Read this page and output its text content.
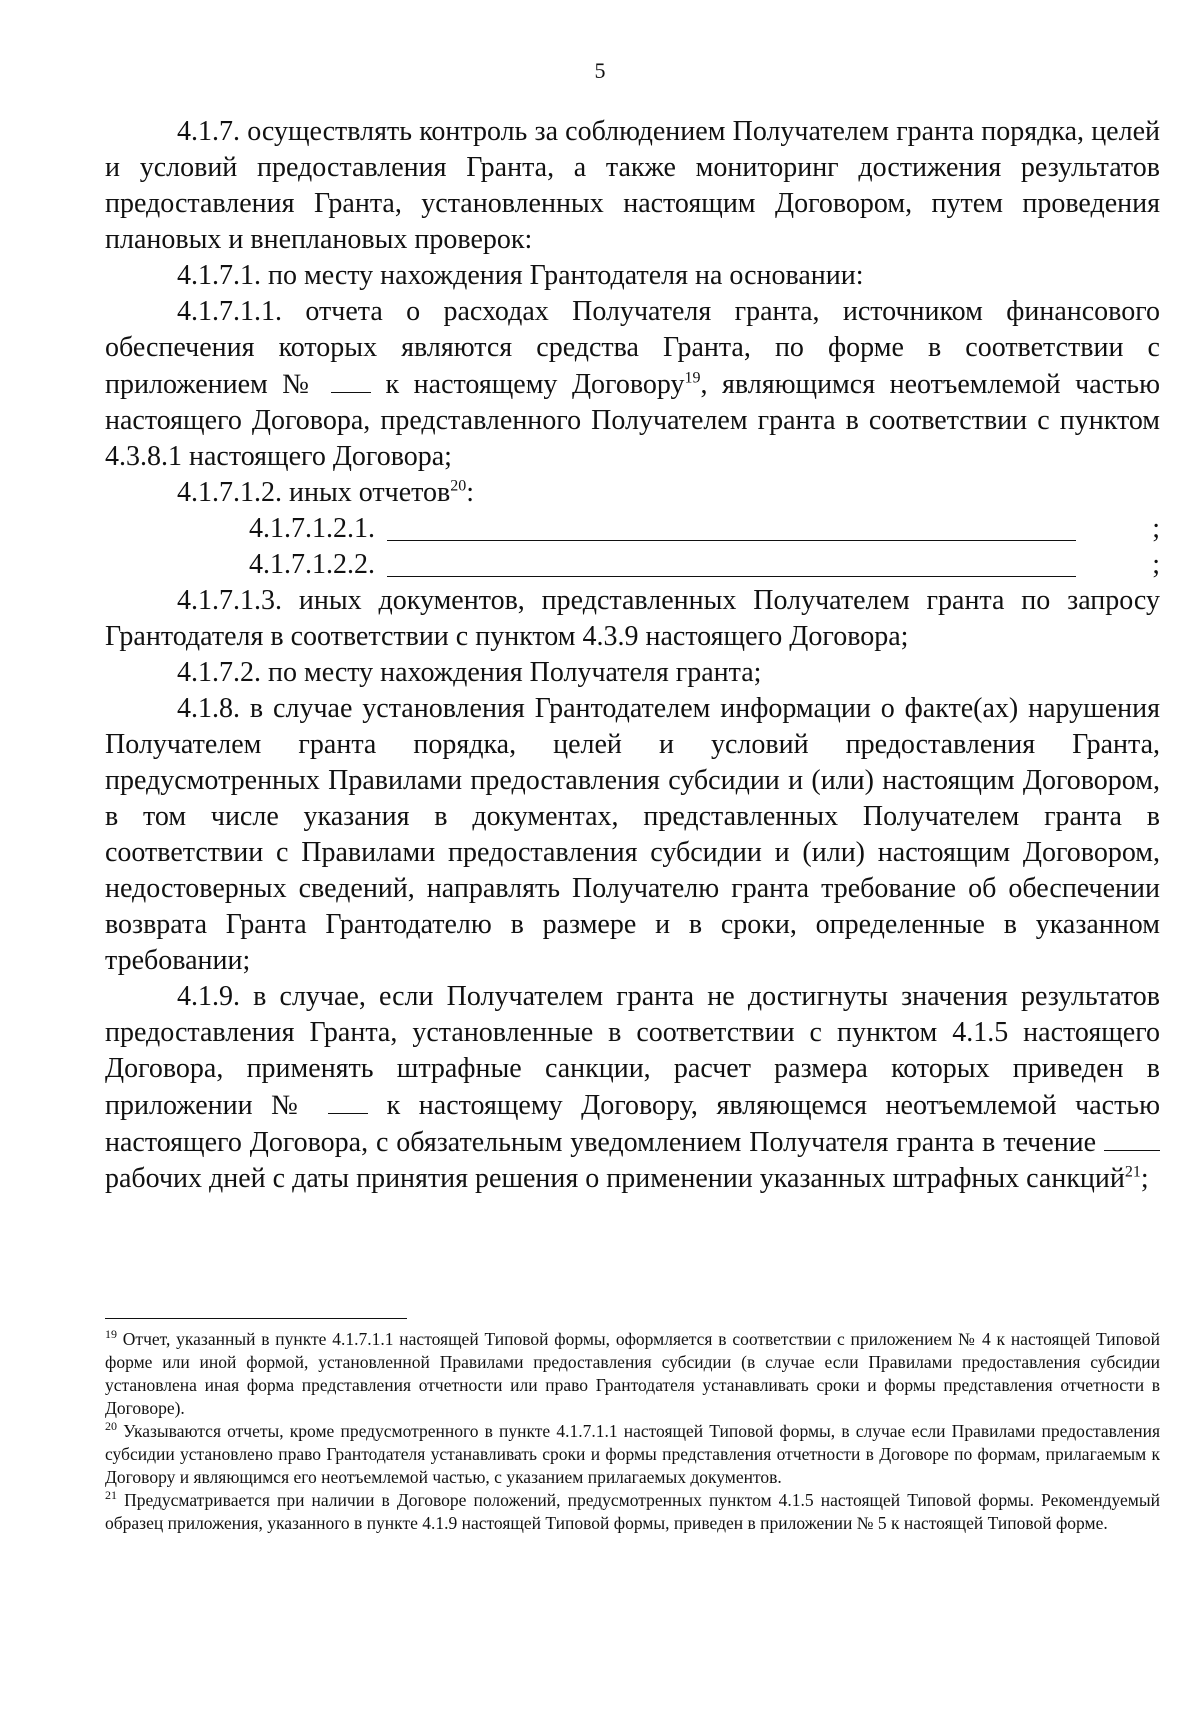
5

4.1.7. осуществлять контроль за соблюдением Получателем гранта порядка, целей и условий предоставления Гранта, а также мониторинг достижения результатов предоставления Гранта, установленных настоящим Договором, путем проведения плановых и внеплановых проверок:

4.1.7.1. по месту нахождения Грантодателя на основании:

4.1.7.1.1. отчета о расходах Получателя гранта, источником финансового обеспечения которых являются средства Гранта, по форме в соответствии с приложением № к настоящему Договору$^{19}$, являющимся неотъемлемой частью настоящего Договора, представленного Получателем гранта в соответствии с пунктом 4.3.8.1 настоящего Договора;

4.1.7.1.2. иных отчетов$^{20}$:

4.1.7.1.2.1.	;

4.1.7.1.2.2.	;

4.1.7.1.3. иных документов, представленных Получателем гранта по запросу Грантодателя в соответствии с пунктом 4.3.9 настоящего Договора;

4.1.7.2. по месту нахождения Получателя гранта;

4.1.8. в случае установления Грантодателем информации о факте(ах) нарушения Получателем гранта порядка, целей и условий предоставления Гранта, предусмотренных Правилами предоставления субсидии и (или) настоящим Договором, в том числе указания в документах, представленных Получателем гранта в соответствии с Правилами предоставления субсидии и (или) настоящим Договором, недостоверных сведений, направлять Получателю гранта требование об обеспечении возврата Гранта Грантодателю в размере и в сроки, определенные в указанном требовании;

4.1.9. в случае, если Получателем гранта не достигнуты значения результатов предоставления Гранта, установленные в соответствии с пунктом 4.1.5 настоящего Договора, применять штрафные санкции, расчет размера которых приведен в приложении №	к настоящему Договору, являющемся неотъемлемой частью настоящего Договора, с обязательным уведомлением Получателя гранта в течение  рабочих дней с даты принятия решения о применении указанных штрафных санкций$^{21}$;

$^{19}$ Отчет, указанный в пункте 4.1.7.1.1 настоящей Типовой формы, оформляется в соответствии с приложением № 4 к настоящей Типовой форме или иной формой, установленной Правилами предоставления субсидии (в случае если Правилами предоставления субсидии установлена иная форма представления отчетности или право Грантодателя устанавливать сроки и формы представления отчетности в Договоре).

$^{20}$ Указываются отчеты, кроме предусмотренного в пункте 4.1.7.1.1 настоящей Типовой формы, в случае если Правилами предоставления субсидии установлено право Грантодателя устанавливать сроки и формы представления отчетности в Договоре по формам, прилагаемым к Договору и являющимся его неотъемлемой частью, с указанием прилагаемых документов.

$^{21}$ Предусматривается при наличии в Договоре положений, предусмотренных пунктом 4.1.5 настоящей Типовой формы. Рекомендуемый образец приложения, указанного в пункте 4.1.9 настоящей Типовой формы, приведен в приложении № 5 к настоящей Типовой форме.
